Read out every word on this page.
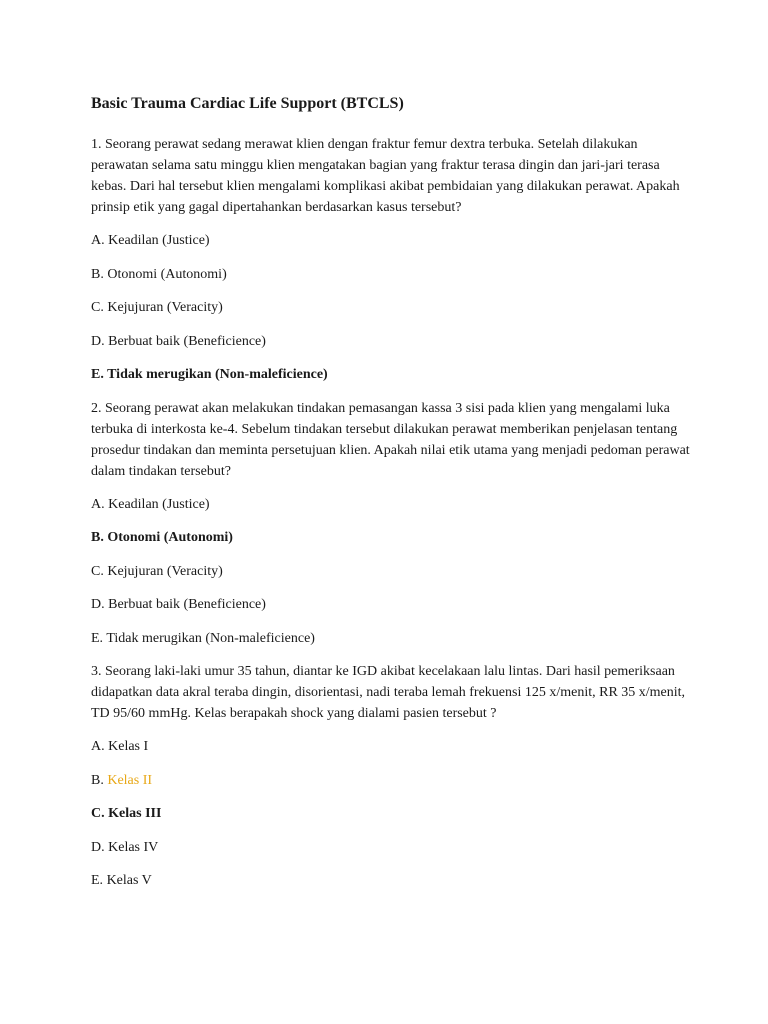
Basic Trauma Cardiac Life Support (BTCLS)
1. Seorang perawat sedang merawat klien dengan fraktur femur dextra terbuka. Setelah dilakukan perawatan selama satu minggu klien mengatakan bagian yang fraktur terasa dingin dan jari-jari terasa kebas. Dari hal tersebut klien mengalami komplikasi akibat pembidaian yang dilakukan perawat. Apakah prinsip etik yang gagal dipertahankan berdasarkan kasus tersebut?
A. Keadilan (Justice)
B. Otonomi (Autonomi)
C. Kejujuran (Veracity)
D. Berbuat baik (Beneficience)
E. Tidak merugikan (Non-maleficience)
2. Seorang perawat akan melakukan tindakan pemasangan kassa 3 sisi pada klien yang mengalami luka terbuka di interkosta ke-4. Sebelum tindakan tersebut dilakukan perawat memberikan penjelasan tentang prosedur tindakan dan meminta persetujuan klien. Apakah nilai etik utama yang menjadi pedoman perawat dalam tindakan tersebut?
A. Keadilan (Justice)
B. Otonomi (Autonomi)
C. Kejujuran (Veracity)
D. Berbuat baik (Beneficience)
E. Tidak merugikan (Non-maleficience)
3. Seorang laki-laki umur 35 tahun, diantar ke IGD akibat kecelakaan lalu lintas. Dari hasil pemeriksaan didapatkan data akral teraba dingin, disorientasi, nadi teraba lemah frekuensi 125 x/menit, RR 35 x/menit, TD 95/60 mmHg. Kelas berapakah shock yang dialami pasien tersebut ?
A. Kelas I
B. Kelas II
C. Kelas III
D. Kelas IV
E. Kelas V
